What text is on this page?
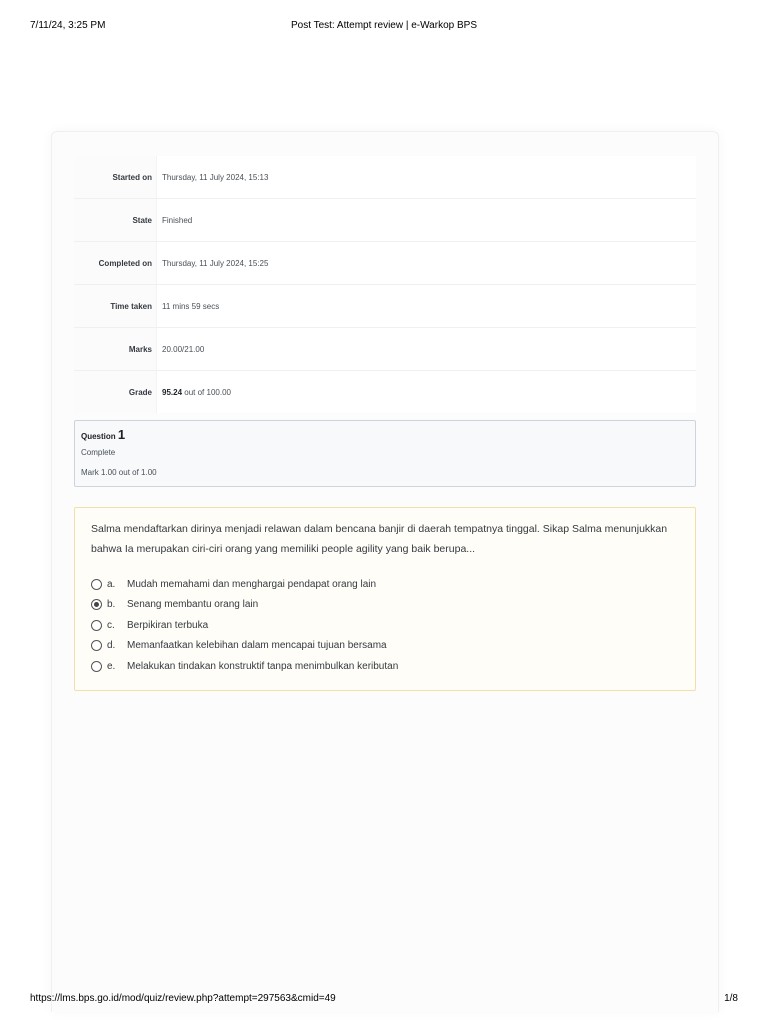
7/11/24, 3:25 PM	Post Test: Attempt review | e-Warkop BPS
Started on	Thursday, 11 July 2024, 15:13
State	Finished
Completed on	Thursday, 11 July 2024, 15:25
Time taken	11 mins 59 secs
Marks	20.00/21.00
Grade	95.24 out of 100.00
Question 1
Complete
Mark 1.00 out of 1.00
Salma mendaftarkan dirinya menjadi relawan dalam bencana banjir di daerah tempatnya tinggal. Sikap Salma menunjukkan bahwa Ia merupakan ciri-ciri orang yang memiliki people agility yang baik berupa...
a.	Mudah memahami dan menghargai pendapat orang lain
b.	Senang membantu orang lain
c.	Berpikiran terbuka
d.	Memanfaatkan kelebihan dalam mencapai tujuan bersama
e.	Melakukan tindakan konstruktif tanpa menimbulkan keributan
https://lms.bps.go.id/mod/quiz/review.php?attempt=297563&cmid=49	1/8
